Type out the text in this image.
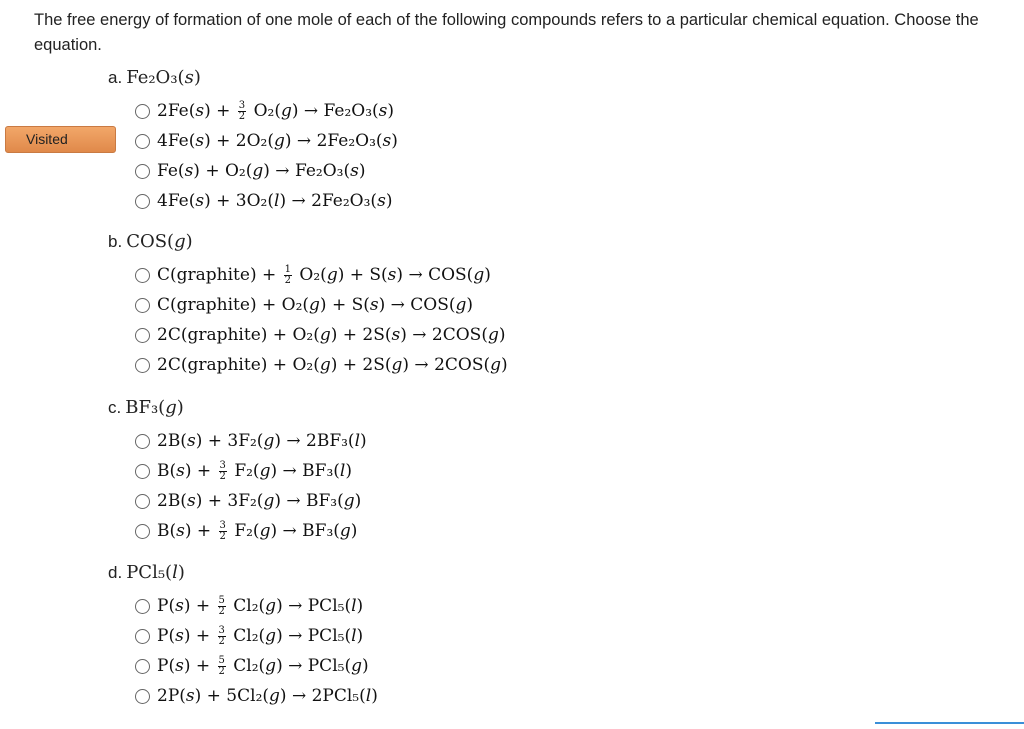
The free energy of formation of one mole of each of the following compounds refers to a particular chemical equation. Choose the equation.
Visited
a. Fe₂O₃(s)
$2Fe(s) + \frac{3}{2} O_2(g) \to Fe_2O_3(s)$
4Fe(s) + 2O₂(g) → 2Fe₂O₃(s)
Fe(s) + O₂(g) → Fe₂O₃(s)
4Fe(s) + 3O₂(l) → 2Fe₂O₃(s)
b. COS(g)
C(graphite) + $\frac{1}{2} O_2(g) + S(s) \to COS(g)$
C(graphite) + O₂(g) + S(s) → COS(g)
2C(graphite) + O₂(g) + 2S(s) → 2COS(g)
2C(graphite) + O₂(g) + 2S(g) → 2COS(g)
c. BF₃(g)
2B(s) + 3F₂(g) → 2BF₃(l)
$B(s) + \frac{3}{2} F_2(g) \to BF_3(l)$
2B(s) + 3F₂(g) → BF₃(g)
$B(s) + \frac{3}{2} F_2(g) \to BF_3(g)$
d. PCl₅(l)
$P(s) + \frac{5}{2} Cl_2(g) \to PCl_5(l)$
$P(s) + \frac{3}{2} Cl_2(g) \to PCl_5(l)$
$P(s) + \frac{5}{2} Cl_2(g) \to PCl_5(g)$
2P(s) + 5Cl₂(g) → 2PCl₅(l)
